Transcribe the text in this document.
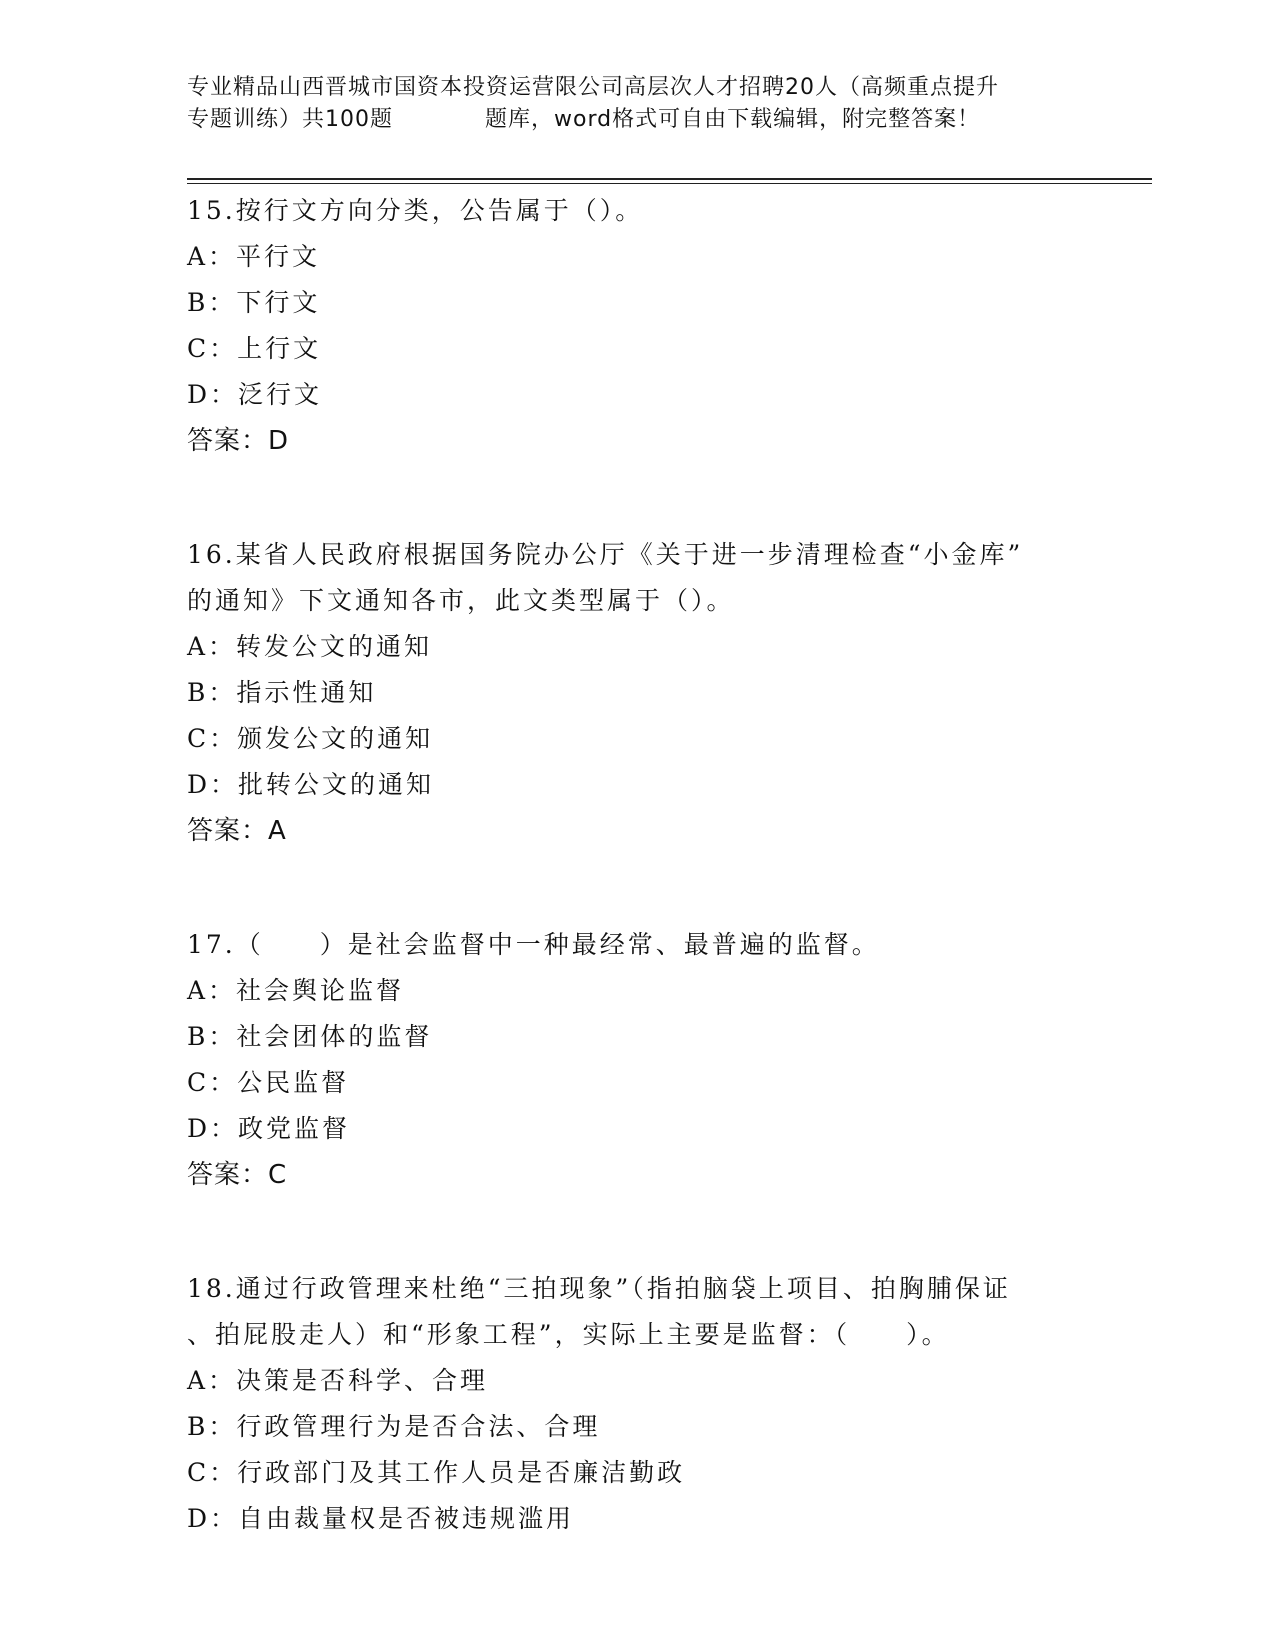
专业精品山西晋城市国资本投资运营限公司高层次人才招聘20人（高频重点提升
专题训练）共100题	题库，word格式可自由下载编辑，附完整答案！
15.按行文方向分类，公告属于（）。
A：平行文
B：下行文
C：上行文
D：泛行文
答案：D
16.某省人民政府根据国务院办公厅《关于进一步清理检查“小金库”
的通知》下文通知各市，此文类型属于（）。
A：转发公文的通知
B：指示性通知
C：颁发公文的通知
D：批转公文的通知
答案：A
17.（　　）是社会监督中一种最经常、最普遍的监督。
A：社会舆论监督
B：社会团体的监督
C：公民监督
D：政党监督
答案：C
18.通过行政管理来杜绝“三拍现象”（指拍脑袋上项目、拍胸脯保证
、拍屁股走人）和“形象工程”，实际上主要是监督：（　　）。
A：决策是否科学、合理
B：行政管理行为是否合法、合理
C：行政部门及其工作人员是否廉洁勤政
D：自由裁量权是否被违规滥用
